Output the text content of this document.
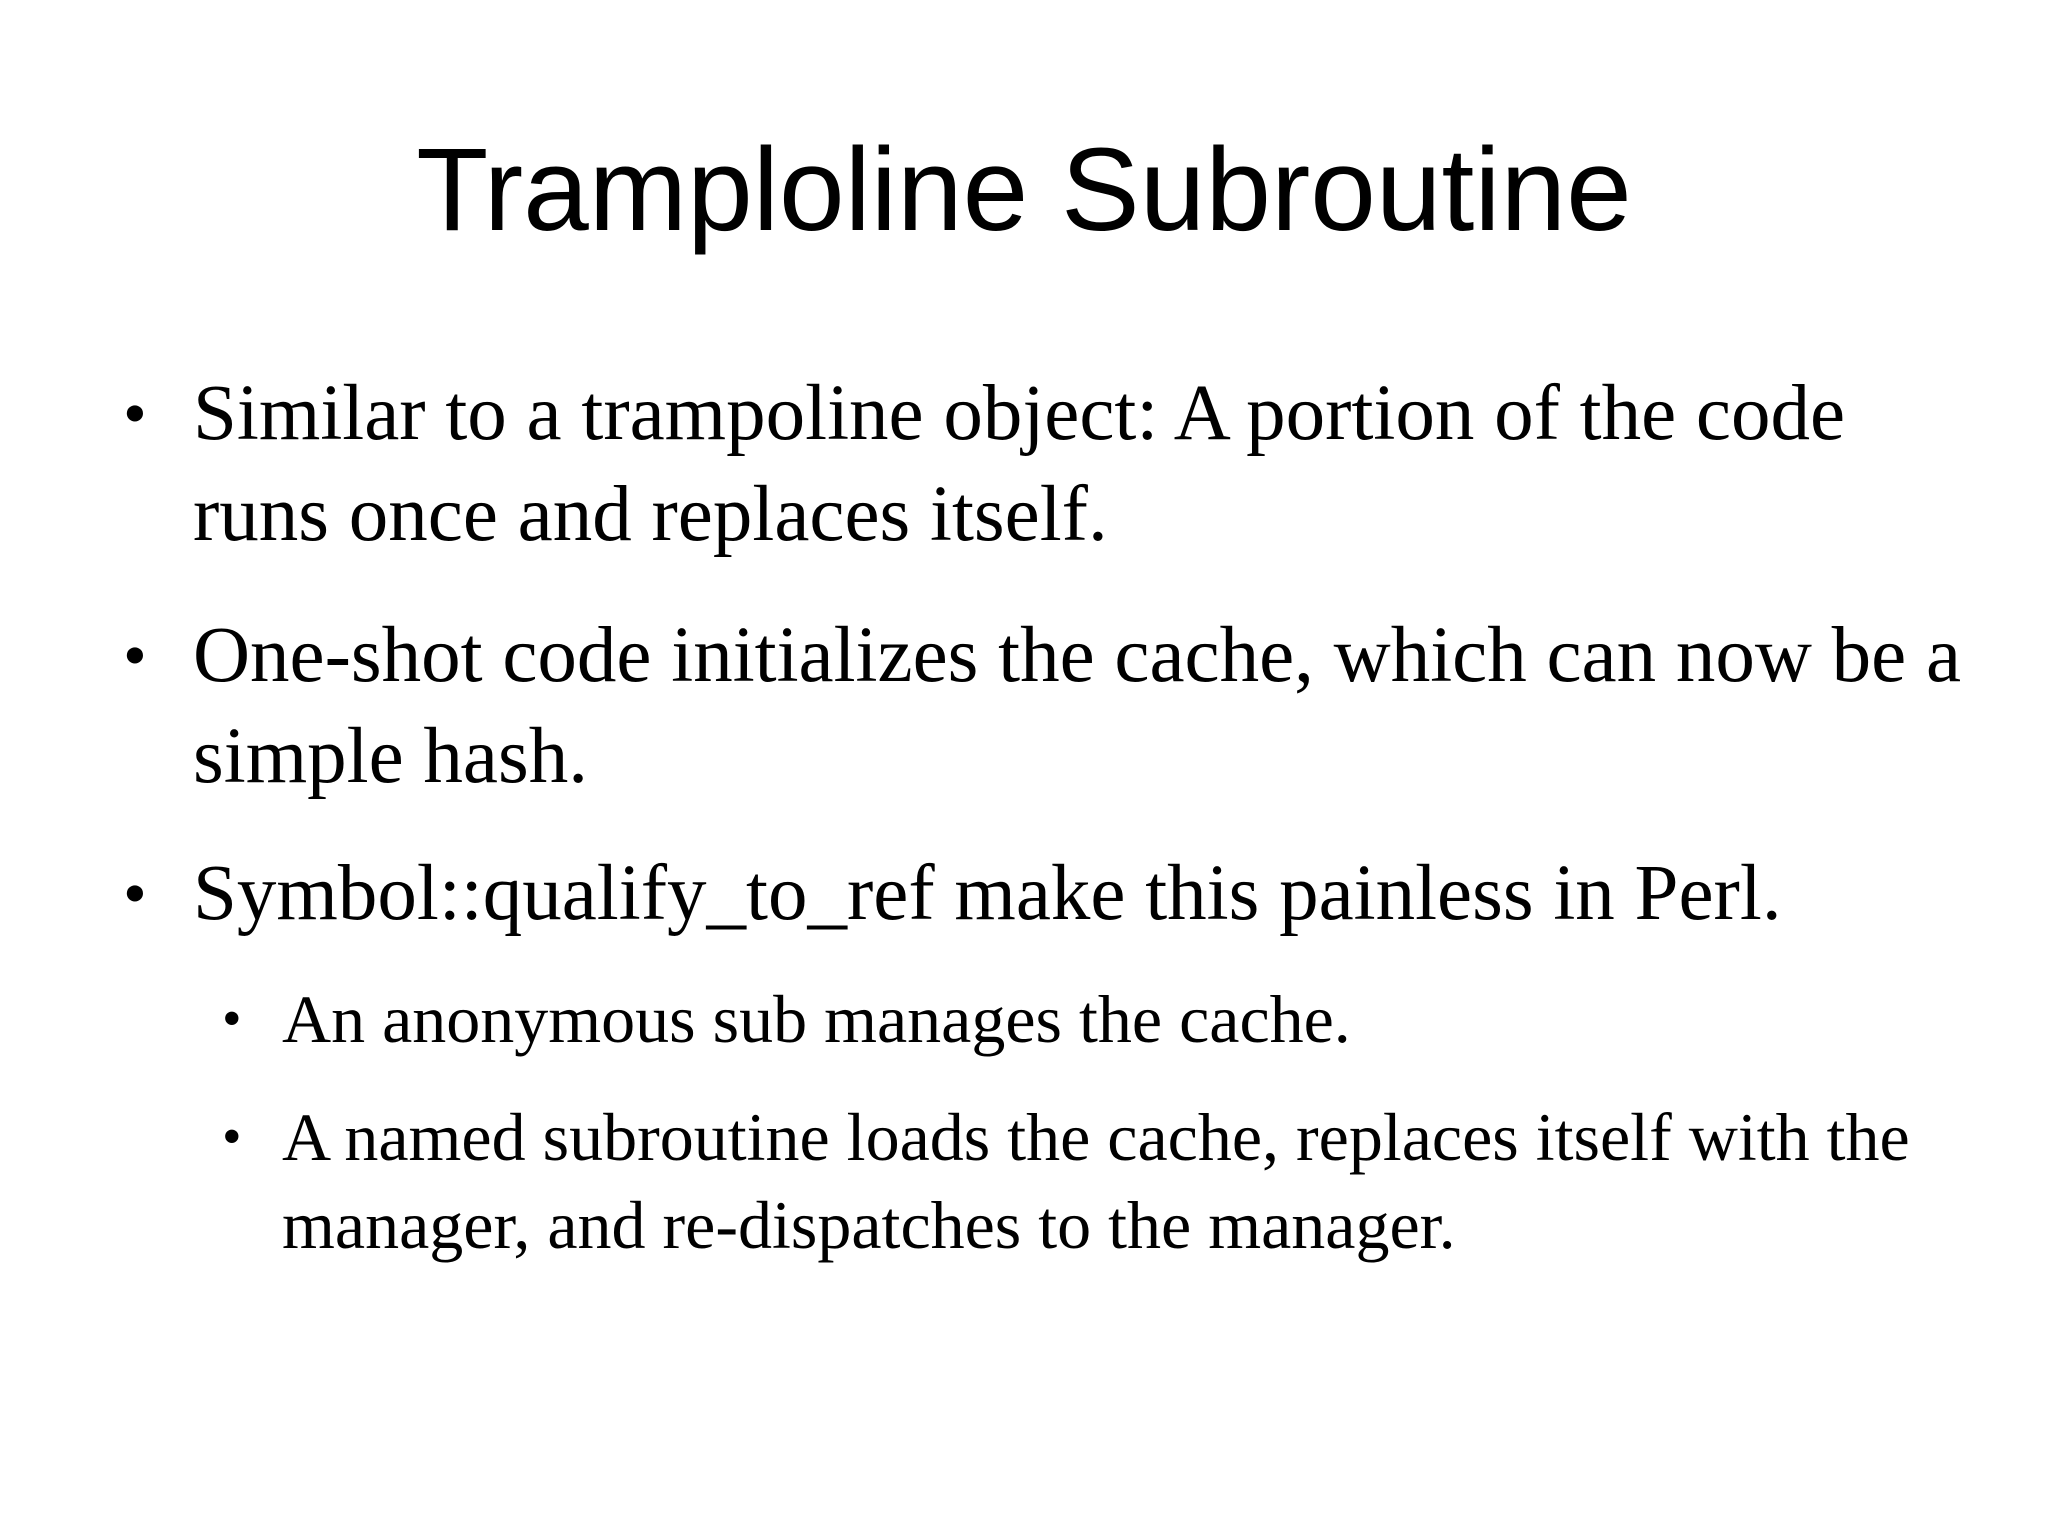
Tramploline Subroutine
• Similar to a trampoline object: A portion of the code runs once and replaces itself.
• One-shot code initializes the cache, which can now be a simple hash.
• Symbol::qualify_to_ref make this painless in Perl.
• An anonymous sub manages the cache.
• A named subroutine loads the cache, replaces itself with the manager, and re-dispatches to the manager.
